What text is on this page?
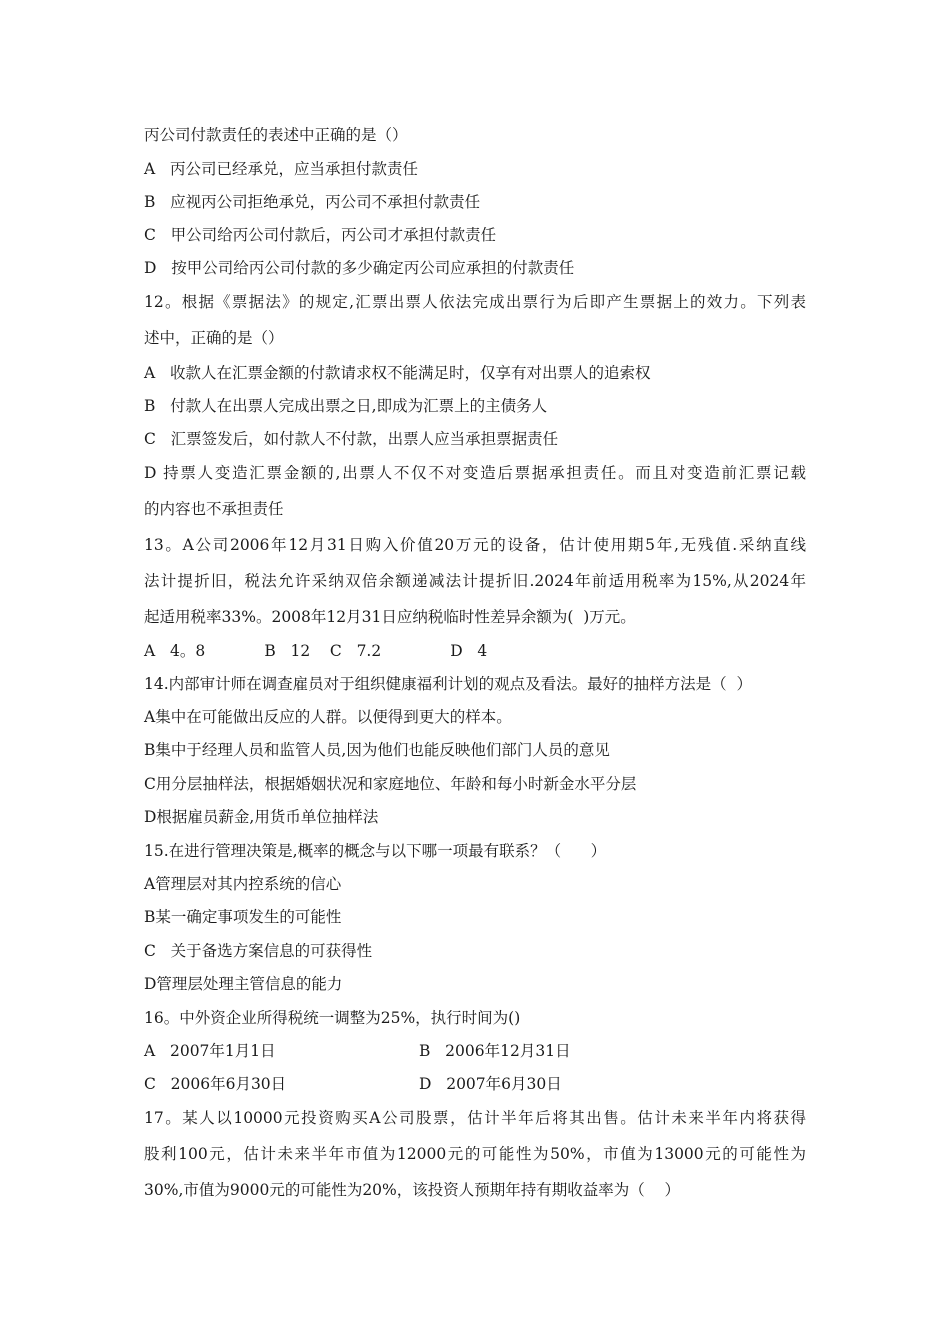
丙公司付款责任的表述中正确的是（）
A   丙公司已经承兑，应当承担付款责任
B   应视丙公司拒绝承兑，丙公司不承担付款责任
C   甲公司给丙公司付款后，丙公司才承担付款责任
D   按甲公司给丙公司付款的多少确定丙公司应承担的付款责任
12。根据《票据法》的规定,汇票出票人依法完成出票行为后即产生票据上的效力。下列表
述中，正确的是（）
A   收款人在汇票金额的付款请求权不能满足时，仅享有对出票人的追索权
B   付款人在出票人完成出票之日,即成为汇票上的主债务人
C   汇票签发后，如付款人不付款，出票人应当承担票据责任
D 持票人变造汇票金额的,出票人不仅不对变造后票据承担责任。而且对变造前汇票记载
的内容也不承担责任
13。A公司2006年12月31日购入价值20万元的设备，估计使用期5年,无残值.采纳直线
法计提折旧，税法允许采纳双倍余额递减法计提折旧.2024年前适用税率为15%,从2024年
起适用税率33%。2008年12月31日应纳税临时性差异余额为(  )万元。
A   4。8            B   12    C   7.2              D   4
14.内部审计师在调查雇员对于组织健康福利计划的观点及看法。最好的抽样方法是（  ）
A集中在可能做出反应的人群。以便得到更大的样本。
B集中于经理人员和监管人员,因为他们也能反映他们部门人员的意见
C用分层抽样法，根据婚姻状况和家庭地位、年龄和每小时新金水平分层
D根据雇员薪金,用货币单位抽样法
15.在进行管理决策是,概率的概念与以下哪一项最有联系？（      ）
A管理层对其内控系统的信心
B某一确定事项发生的可能性
C   关于备选方案信息的可获得性
D管理层处理主管信息的能力
16。中外资企业所得税统一调整为25%，执行时间为()
A   2007年1月1日	B   2006年12月31日
C   2006年6月30日	D   2007年6月30日
17。某人以10000元投资购买A公司股票，估计半年后将其出售。估计未来半年内将获得
股利100元，估计未来半年市值为12000元的可能性为50%，市值为13000元的可能性为
30%,市值为9000元的可能性为20%，该投资人预期年持有期收益率为（    ）
